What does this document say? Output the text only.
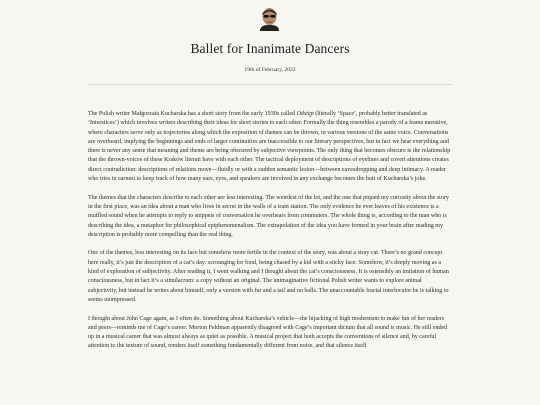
Ballet for Inanimate Dancers
19th of February, 2022

The Polish writer Małgorzata Kucharska has a short story from the early 1930s called Odstęp (literally ‘Space’, probably better translated as ‘Interstices’) which involves writers describing their ideas for short stories to each other. Formally the thing resembles a parody of a frame narrative, where characters serve only as trajectories along which the exposition of themes can be thrown, in various versions of the same voice. Conversations are overheard, implying the beginnings and ends of larger continuities are inaccessible to our literary perspectives, but in fact we hear everything and there is never any sense that meaning and theme are being obscured by subjective viewpoints. The only thing that becomes obscure is the relationship that the thrown-voices of these Kraków literati have with each other. The tactical deployment of descriptions of eyelines and covert attentions creates direct contradiction: descriptions of relations move—fluidly or with a sudden semantic lesion—between eavesdropping and deep intimacy. A reader who tries in earnest to keep track of how many ears, eyes, and speakers are involved in any exchange becomes the butt of Kucharska’s joke.

The themes that the characters describe to each other are less interesting. The weirdest of the lot, and the one that piqued my curiosity about the story in the first place, was an idea about a man who lives in secret in the walls of a train station. The only evidence he ever leaves of his existence is a muffled sound when he attempts to reply to snippets of conversation he overhears from commuters. The whole thing is, according to the man who is describing the idea, a metaphor for philosophical epiphenomenalism. The extrapolation of the idea you have formed in your brain after reading my description is probably more compelling than the real thing.

One of the themes, less interesting on its face but somehow more fertile in the context of the story, was about a stray cat. There’s no grand concept here really, it’s just the description of a cat’s day: scrounging for food, being chased by a kid with a sticky face. Somehow, it’s deeply moving as a kind of exploration of subjectivity. After reading it, I went walking and I thought about the cat’s consciousness. It is ostensibly an imitation of human consciousness, but in fact it’s a simulacrum: a copy without an original. The unimaginative fictional Polish writer wants to explore animal subjectivity, but instead he writes about himself, only a version with fur and a tail and no balls. The unaccountable fractal interlocutor he is talking to seems unimpressed.

I thought about John Cage again, as I often do. Something about Kucharska’s vehicle—the hijacking of high modernism to make fun of her readers and peers—reminds me of Cage’s career. Morton Feldman apparently disagreed with Cage’s important dictum that all sound is music. He still ended up in a musical career that was almost always as quiet as possible. A musical project that both accepts the conventions of silence and, by careful attention to the texture of sound, renders itself something fundamentally different from noise, and that silence itself
